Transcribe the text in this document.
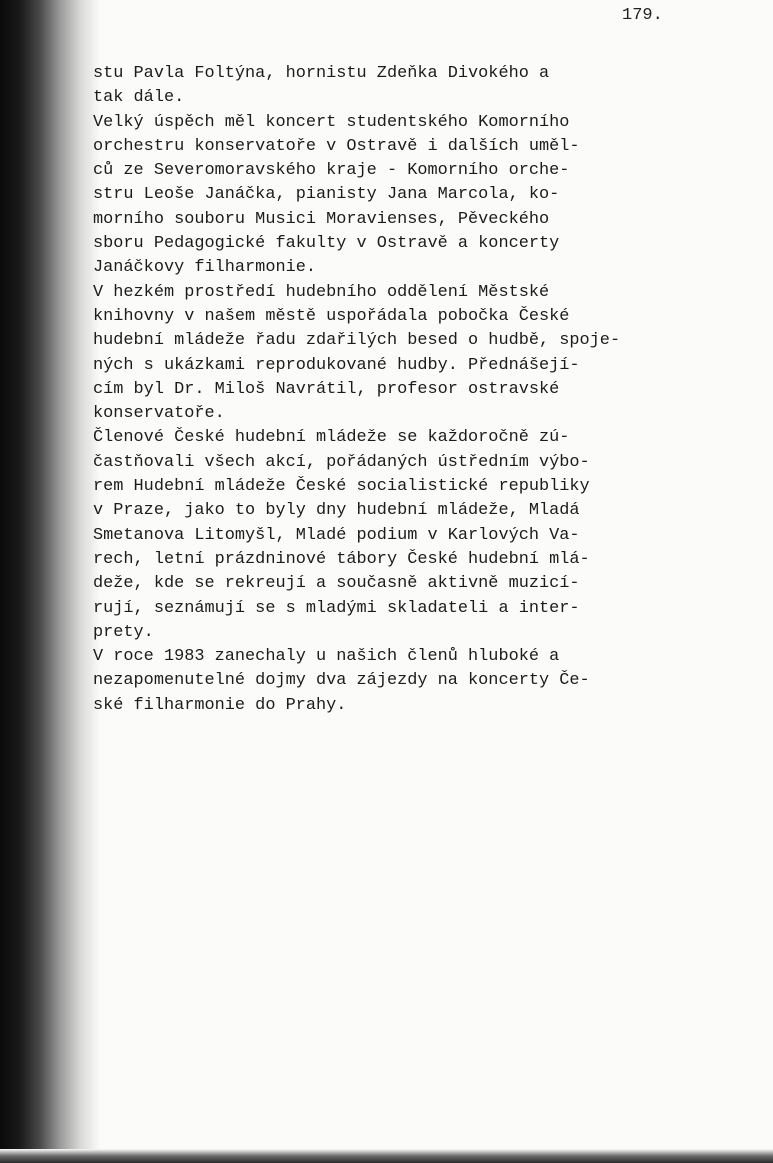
179.
stu Pavla Foltýna, hornistu Zdeňka Divokého a
tak dále.
Velký úspěch měl koncert studentského Komorního
orchestru konservatoře v Ostravě i dalších uměl-
ců ze Severomoravského kraje - Komorního orche-
stru Leoše Janáčka, pianisty Jana Marcola, ko-
morního souboru Musici Moravienses, Pěveckého
sboru Pedagogické fakulty v Ostravě a koncerty
Janáčkovy filharmonie.
V hezkém prostředí hudebního oddělení Městské
knihovny v našem městě uspořádala pobočka České
hudební mládeže řadu zdařilých besed o hudbě, spoje-
ných s ukázkami reprodukované hudby. Přednášejí-
cím byl Dr. Miloš Navrátil, profesor ostravské
konservatoře.
Členové České hudební mládeže se každoročně zú-
častňovali všech akcí, pořádaných ústředním výbo-
rem Hudební mládeže České socialistické republiky
v Praze, jako to byly dny hudební mládeže, Mladá
Smetanova Litomyšl, Mladé podium v Karlových Va-
rech, letní prázdninové tábory České hudební mlá-
deže, kde se rekreují a současně aktivně muzicí-
rují, seznámují se s mladými skladateli a inter-
prety.
V roce 1983 zanechaly u našich členů hluboké a
nezapomenutelné dojmy dva zájezdy na koncerty Če-
ské filharmonie do Prahy.
